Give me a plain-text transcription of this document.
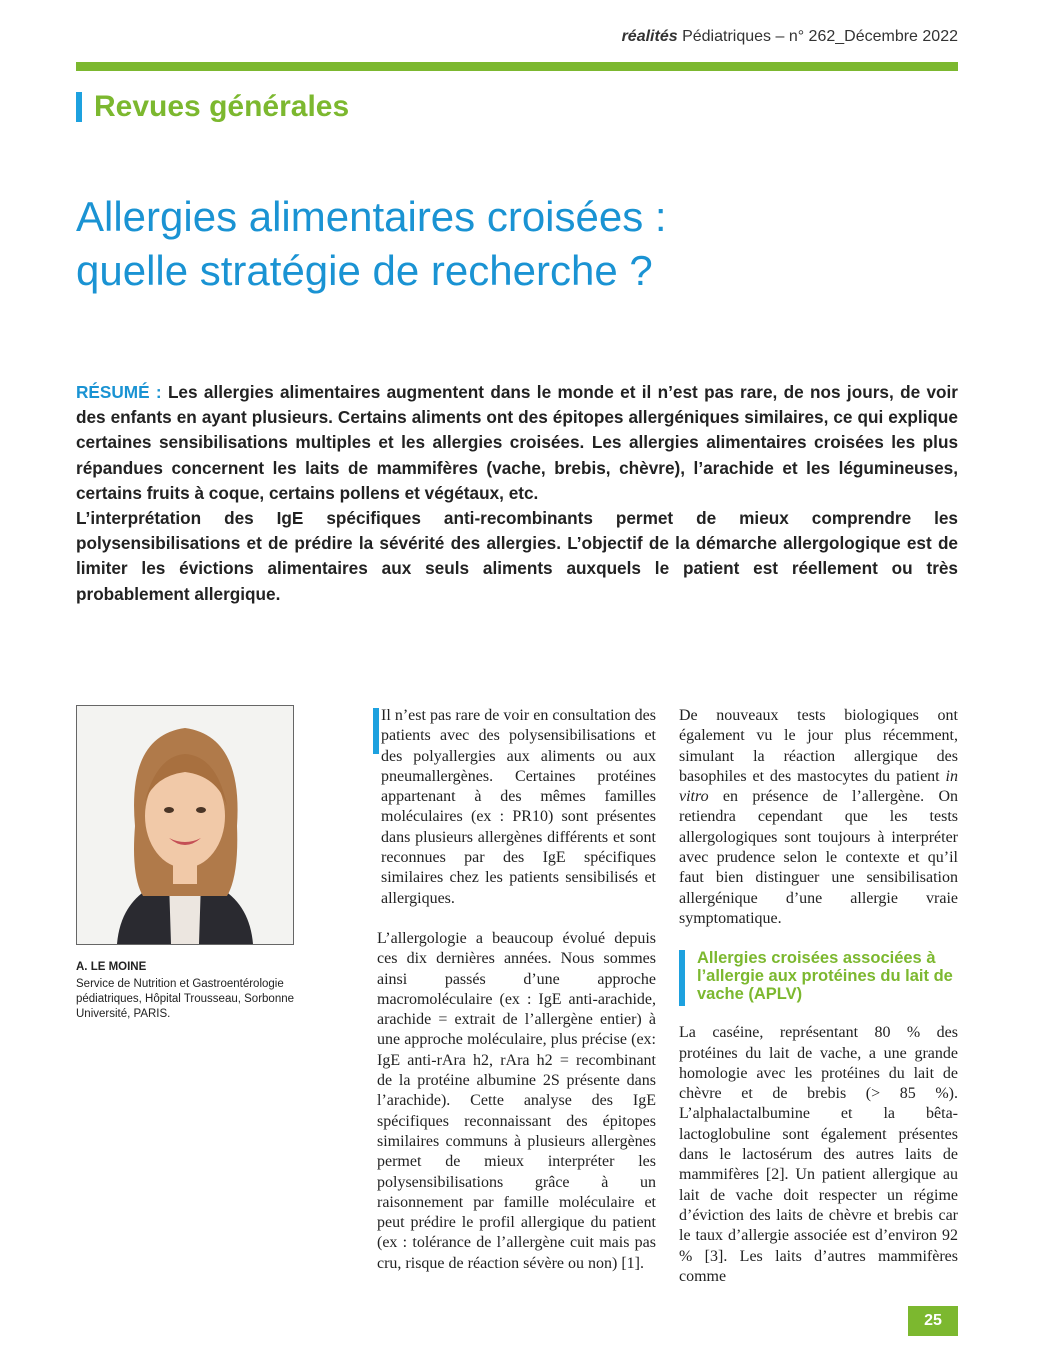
réalités Pédiatriques – n° 262_Décembre 2022
Revues générales
Allergies alimentaires croisées :
quelle stratégie de recherche ?

RÉSUMÉ : Les allergies alimentaires augmentent dans le monde et il n’est pas rare, de nos jours, de voir des enfants en ayant plusieurs. Certains aliments ont des épitopes allergéniques similaires, ce qui explique certaines sensibilisations multiples et les allergies croisées. Les allergies alimentaires croisées les plus répandues concernent les laits de mammifères (vache, brebis, chèvre), l’arachide et les légumineuses, certains fruits à coque, certains pollens et végétaux, etc.

L’interprétation des IgE spécifiques anti-recombinants permet de mieux comprendre les polysensibilisations et de prédire la sévérité des allergies. L’objectif de la démarche allergologique est de limiter les évictions alimentaires aux seuls aliments auxquels le patient est réellement ou très probablement allergique.

A. LE MOINE
Service de Nutrition et Gastroentérologie pédiatriques, Hôpital Trousseau, Sorbonne Université, PARIS.

Il n’est pas rare de voir en consultation des patients avec des polysensibilisations et des polyallergies aux aliments ou aux pneumallergènes. Certaines protéines appartenant à des mêmes familles moléculaires (ex : PR10) sont présentes dans plusieurs allergènes différents et sont reconnues par des IgE spécifiques similaires chez les patients sensibilisés et allergiques.

L’allergologie a beaucoup évolué depuis ces dix dernières années. Nous sommes ainsi passés d’une approche macromoléculaire (ex : IgE anti-arachide, arachide = extrait de l’allergène entier) à une approche moléculaire, plus précise (ex: IgE anti-rAra h2, rAra h2 = recombinant de la protéine albumine 2S présente dans l’arachide). Cette analyse des IgE spécifiques reconnaissant des épitopes similaires communs à plusieurs allergènes permet de mieux interpréter les polysensibilisations grâce à un raisonnement par famille moléculaire et peut prédire le profil allergique du patient (ex : tolérance de l’allergène cuit mais pas cru, risque de réaction sévère ou non) [1].

De nouveaux tests biologiques ont également vu le jour plus récemment, simulant la réaction allergique des basophiles et des mastocytes du patient in vitro en présence de l’allergène. On retiendra cependant que les tests allergologiques sont toujours à interpréter avec prudence selon le contexte et qu’il faut bien distinguer une sensibilisation allergénique d’une allergie vraie symptomatique.

Allergies croisées associées à l’allergie aux protéines du lait de vache (APLV)

La caséine, représentant 80 % des protéines du lait de vache, a une grande homologie avec les protéines du lait de chèvre et de brebis (> 85 %). L’alphalactalbumine et la bêta-lactoglobuline sont également présentes dans le lactosérum des autres laits de mammifères [2]. Un patient allergique au lait de vache doit respecter un régime d’éviction des laits de chèvre et brebis car le taux d’allergie associée est d’environ 92 % [3]. Les laits d’autres mammifères comme

25
